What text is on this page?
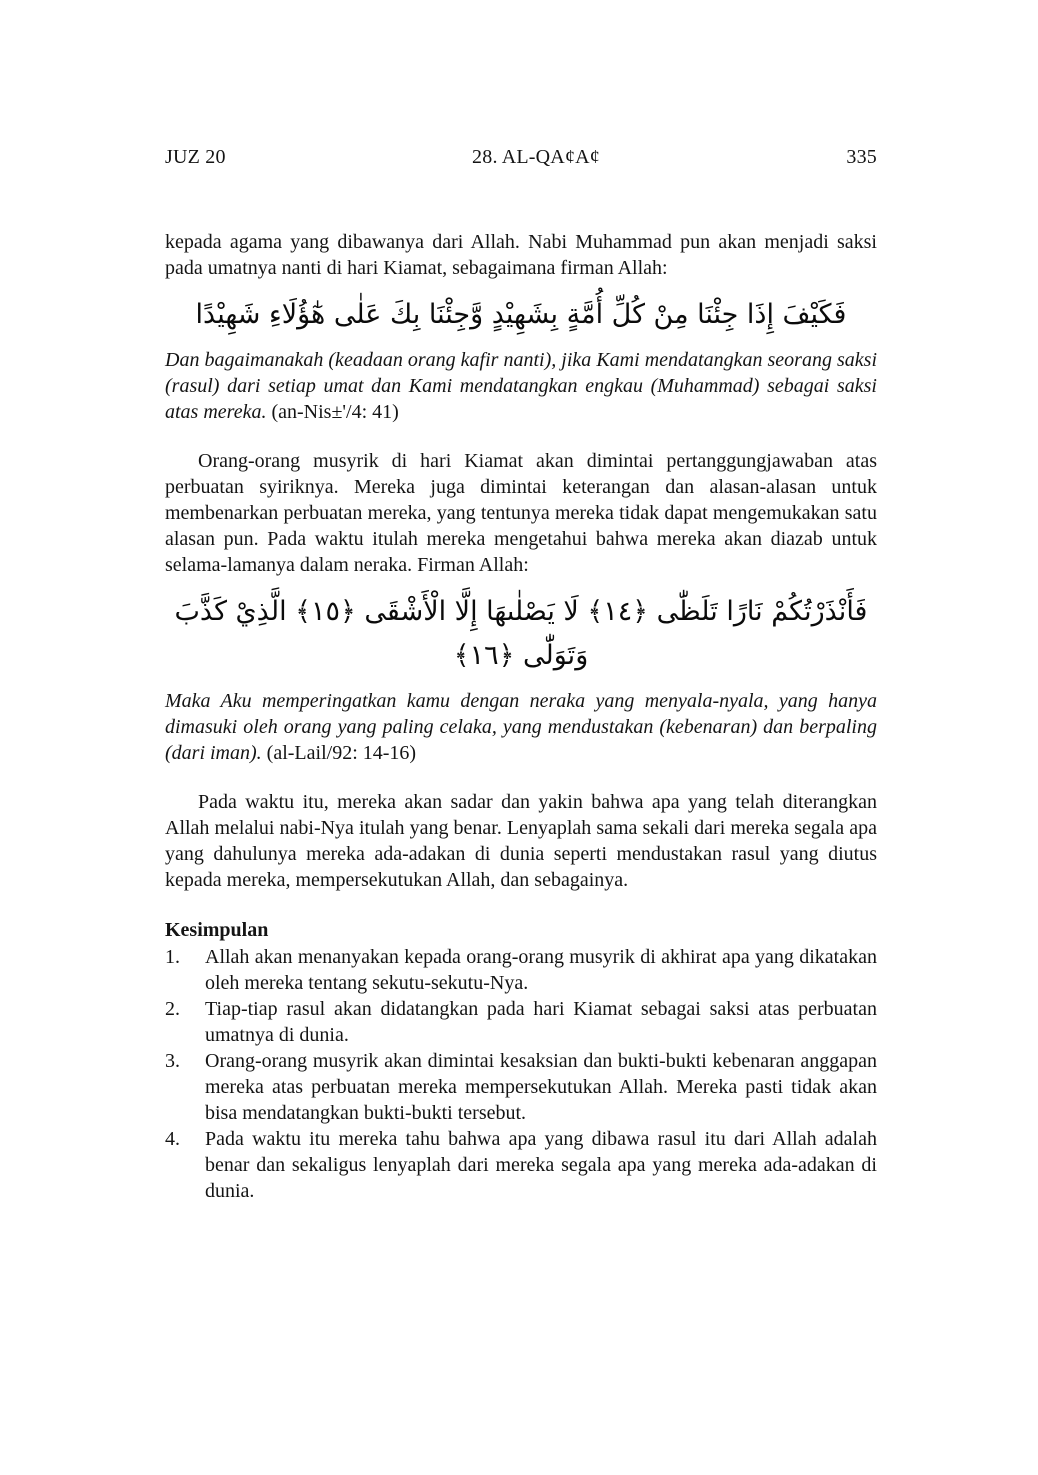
JUZ 20	28. AL-QA¢A¢	335

kepada agama yang dibawanya dari Allah. Nabi Muhammad pun akan menjadi saksi pada umatnya nanti di hari Kiamat, sebagaimana firman Allah:

فَكَيْفَ إِذَا جِئْنَا مِنْ كُلِّ أُمَّةٍ بِشَهِيْدٍ وَّجِئْنَا بِكَ عَلٰى هٰٓؤُلَاءِ شَهِيْدًا

Dan bagaimanakah (keadaan orang kafir nanti), jika Kami mendatangkan seorang saksi (rasul) dari setiap umat dan Kami mendatangkan engkau (Muhammad) sebagai saksi atas mereka. (an-Nis±'/4: 41)

Orang-orang musyrik di hari Kiamat akan dimintai pertanggungjawaban atas perbuatan syiriknya. Mereka juga dimintai keterangan dan alasan-alasan untuk membenarkan perbuatan mereka, yang tentunya mereka tidak dapat mengemukakan satu alasan pun. Pada waktu itulah mereka mengetahui bahwa mereka akan diazab untuk selama-lamanya dalam neraka. Firman Allah:

فَأَنْذَرْتُكُمْ نَارًا تَلَظّٰى ﴿١٤﴾ لَا يَصْلٰىهَا إِلَّا الْأَشْقَى ﴿١٥﴾ الَّذِيْ كَذَّبَ وَتَوَلّٰى ﴿١٦﴾

Maka Aku memperingatkan kamu dengan neraka yang menyala-nyala, yang hanya dimasuki oleh orang yang paling celaka, yang mendustakan (kebenaran) dan berpaling (dari iman). (al-Lail/92: 14-16)

Pada waktu itu, mereka akan sadar dan yakin bahwa apa yang telah diterangkan Allah melalui nabi-Nya itulah yang benar. Lenyaplah sama sekali dari mereka segala apa yang dahulunya mereka ada-adakan di dunia seperti mendustakan rasul yang diutus kepada mereka, mempersekutukan Allah, dan sebagainya.

Kesimpulan
1. Allah akan menanyakan kepada orang-orang musyrik di akhirat apa yang dikatakan oleh mereka tentang sekutu-sekutu-Nya.
2. Tiap-tiap rasul akan didatangkan pada hari Kiamat sebagai saksi atas perbuatan umatnya di dunia.
3. Orang-orang musyrik akan dimintai kesaksian dan bukti-bukti kebenaran anggapan mereka atas perbuatan mereka mempersekutukan Allah. Mereka pasti tidak akan bisa mendatangkan bukti-bukti tersebut.
4. Pada waktu itu mereka tahu bahwa apa yang dibawa rasul itu dari Allah adalah benar dan sekaligus lenyaplah dari mereka segala apa yang mereka ada-adakan di dunia.
